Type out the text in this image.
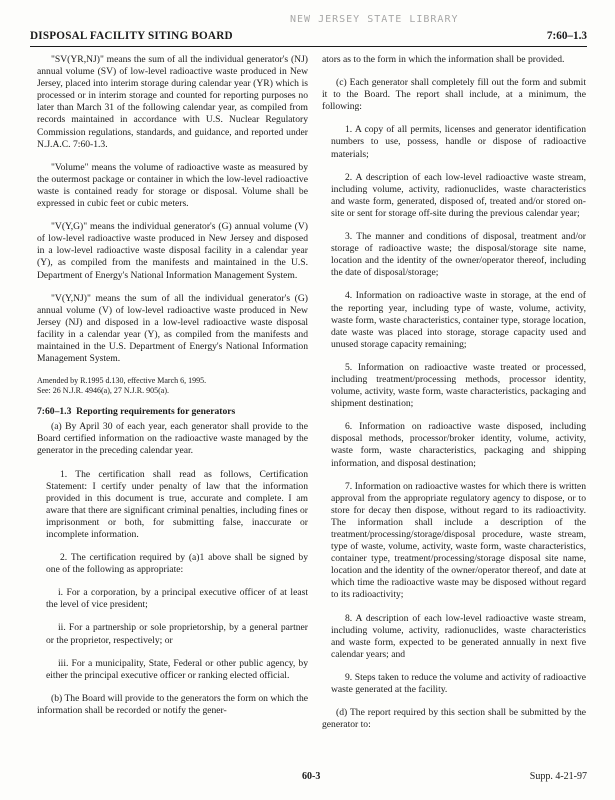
NEW JERSEY STATE LIBRARY
DISPOSAL FACILITY SITING BOARD	7:60–1.3

"SV(YR,NJ)" means the sum of all the individual generator's (NJ) annual volume (SV) of low-level radioactive waste produced in New Jersey, placed into interim storage during calendar year (YR) which is processed or in interim storage and counted for reporting purposes no later than March 31 of the following calendar year, as compiled from records maintained in accordance with U.S. Nuclear Regulatory Commission regulations, standards, and guidance, and reported under N.J.A.C. 7:60-1.3.

"Volume" means the volume of radioactive waste as measured by the outermost package or container in which the low-level radioactive waste is contained ready for storage or disposal. Volume shall be expressed in cubic feet or cubic meters.

"V(Y,G)" means the individual generator's (G) annual volume (V) of low-level radioactive waste produced in New Jersey and disposed in a low-level radioactive waste disposal facility in a calendar year (Y), as compiled from the manifests and maintained in the U.S. Department of Energy's National Information Management System.

"V(Y,NJ)" means the sum of all the individual generator's (G) annual volume (V) of low-level radioactive waste produced in New Jersey (NJ) and disposed in a low-level radioactive waste disposal facility in a calendar year (Y), as compiled from the manifests and maintained in the U.S. Department of Energy's National Information Management System.

Amended by R.1995 d.130, effective March 6, 1995.
See: 26 N.J.R. 4946(a), 27 N.J.R. 905(a).
7:60–1.3 Reporting requirements for generators

(a) By April 30 of each year, each generator shall provide to the Board certified information on the radioactive waste managed by the generator in the preceding calendar year.

1. The certification shall read as follows, Certification Statement: I certify under penalty of law that the information provided in this document is true, accurate and complete. I am aware that there are significant criminal penalties, including fines or imprisonment or both, for submitting false, inaccurate or incomplete information.

2. The certification required by (a)1 above shall be signed by one of the following as appropriate:

i. For a corporation, by a principal executive officer of at least the level of vice president;

ii. For a partnership or sole proprietorship, by a general partner or the proprietor, respectively; or

iii. For a municipality, State, Federal or other public agency, by either the principal executive officer or ranking elected official.

(b) The Board will provide to the generators the form on which the information shall be recorded or notify the gener-

ators as to the form in which the information shall be provided.

(c) Each generator shall completely fill out the form and submit it to the Board. The report shall include, at a minimum, the following:

1. A copy of all permits, licenses and generator identification numbers to use, possess, handle or dispose of radioactive materials;

2. A description of each low-level radioactive waste stream, including volume, activity, radionuclides, waste characteristics and waste form, generated, disposed of, treated and/or stored on-site or sent for storage off-site during the previous calendar year;

3. The manner and conditions of disposal, treatment and/or storage of radioactive waste; the disposal/storage site name, location and the identity of the owner/operator thereof, including the date of disposal/storage;

4. Information on radioactive waste in storage, at the end of the reporting year, including type of waste, volume, activity, waste form, waste characteristics, container type, storage location, date waste was placed into storage, storage capacity used and unused storage capacity remaining;

5. Information on radioactive waste treated or processed, including treatment/processing methods, processor identity, volume, activity, waste form, waste characteristics, packaging and shipment destination;

6. Information on radioactive waste disposed, including disposal methods, processor/broker identity, volume, activity, waste form, waste characteristics, packaging and shipping information, and disposal destination;

7. Information on radioactive wastes for which there is written approval from the appropriate regulatory agency to dispose, or to store for decay then dispose, without regard to its radioactivity. The information shall include a description of the treatment/processing/storage/disposal procedure, waste stream, type of waste, volume, activity, waste form, waste characteristics, container type, treatment/processing/storage disposal site name, location and the identity of the owner/operator thereof, and date at which time the radioactive waste may be disposed without regard to its radioactivity;

8. A description of each low-level radioactive waste stream, including volume, activity, radionuclides, waste characteristics and waste form, expected to be generated annually in next five calendar years; and

9. Steps taken to reduce the volume and activity of radioactive waste generated at the facility.

(d) The report required by this section shall be submitted by the generator to:

60-3	Supp. 4-21-97
